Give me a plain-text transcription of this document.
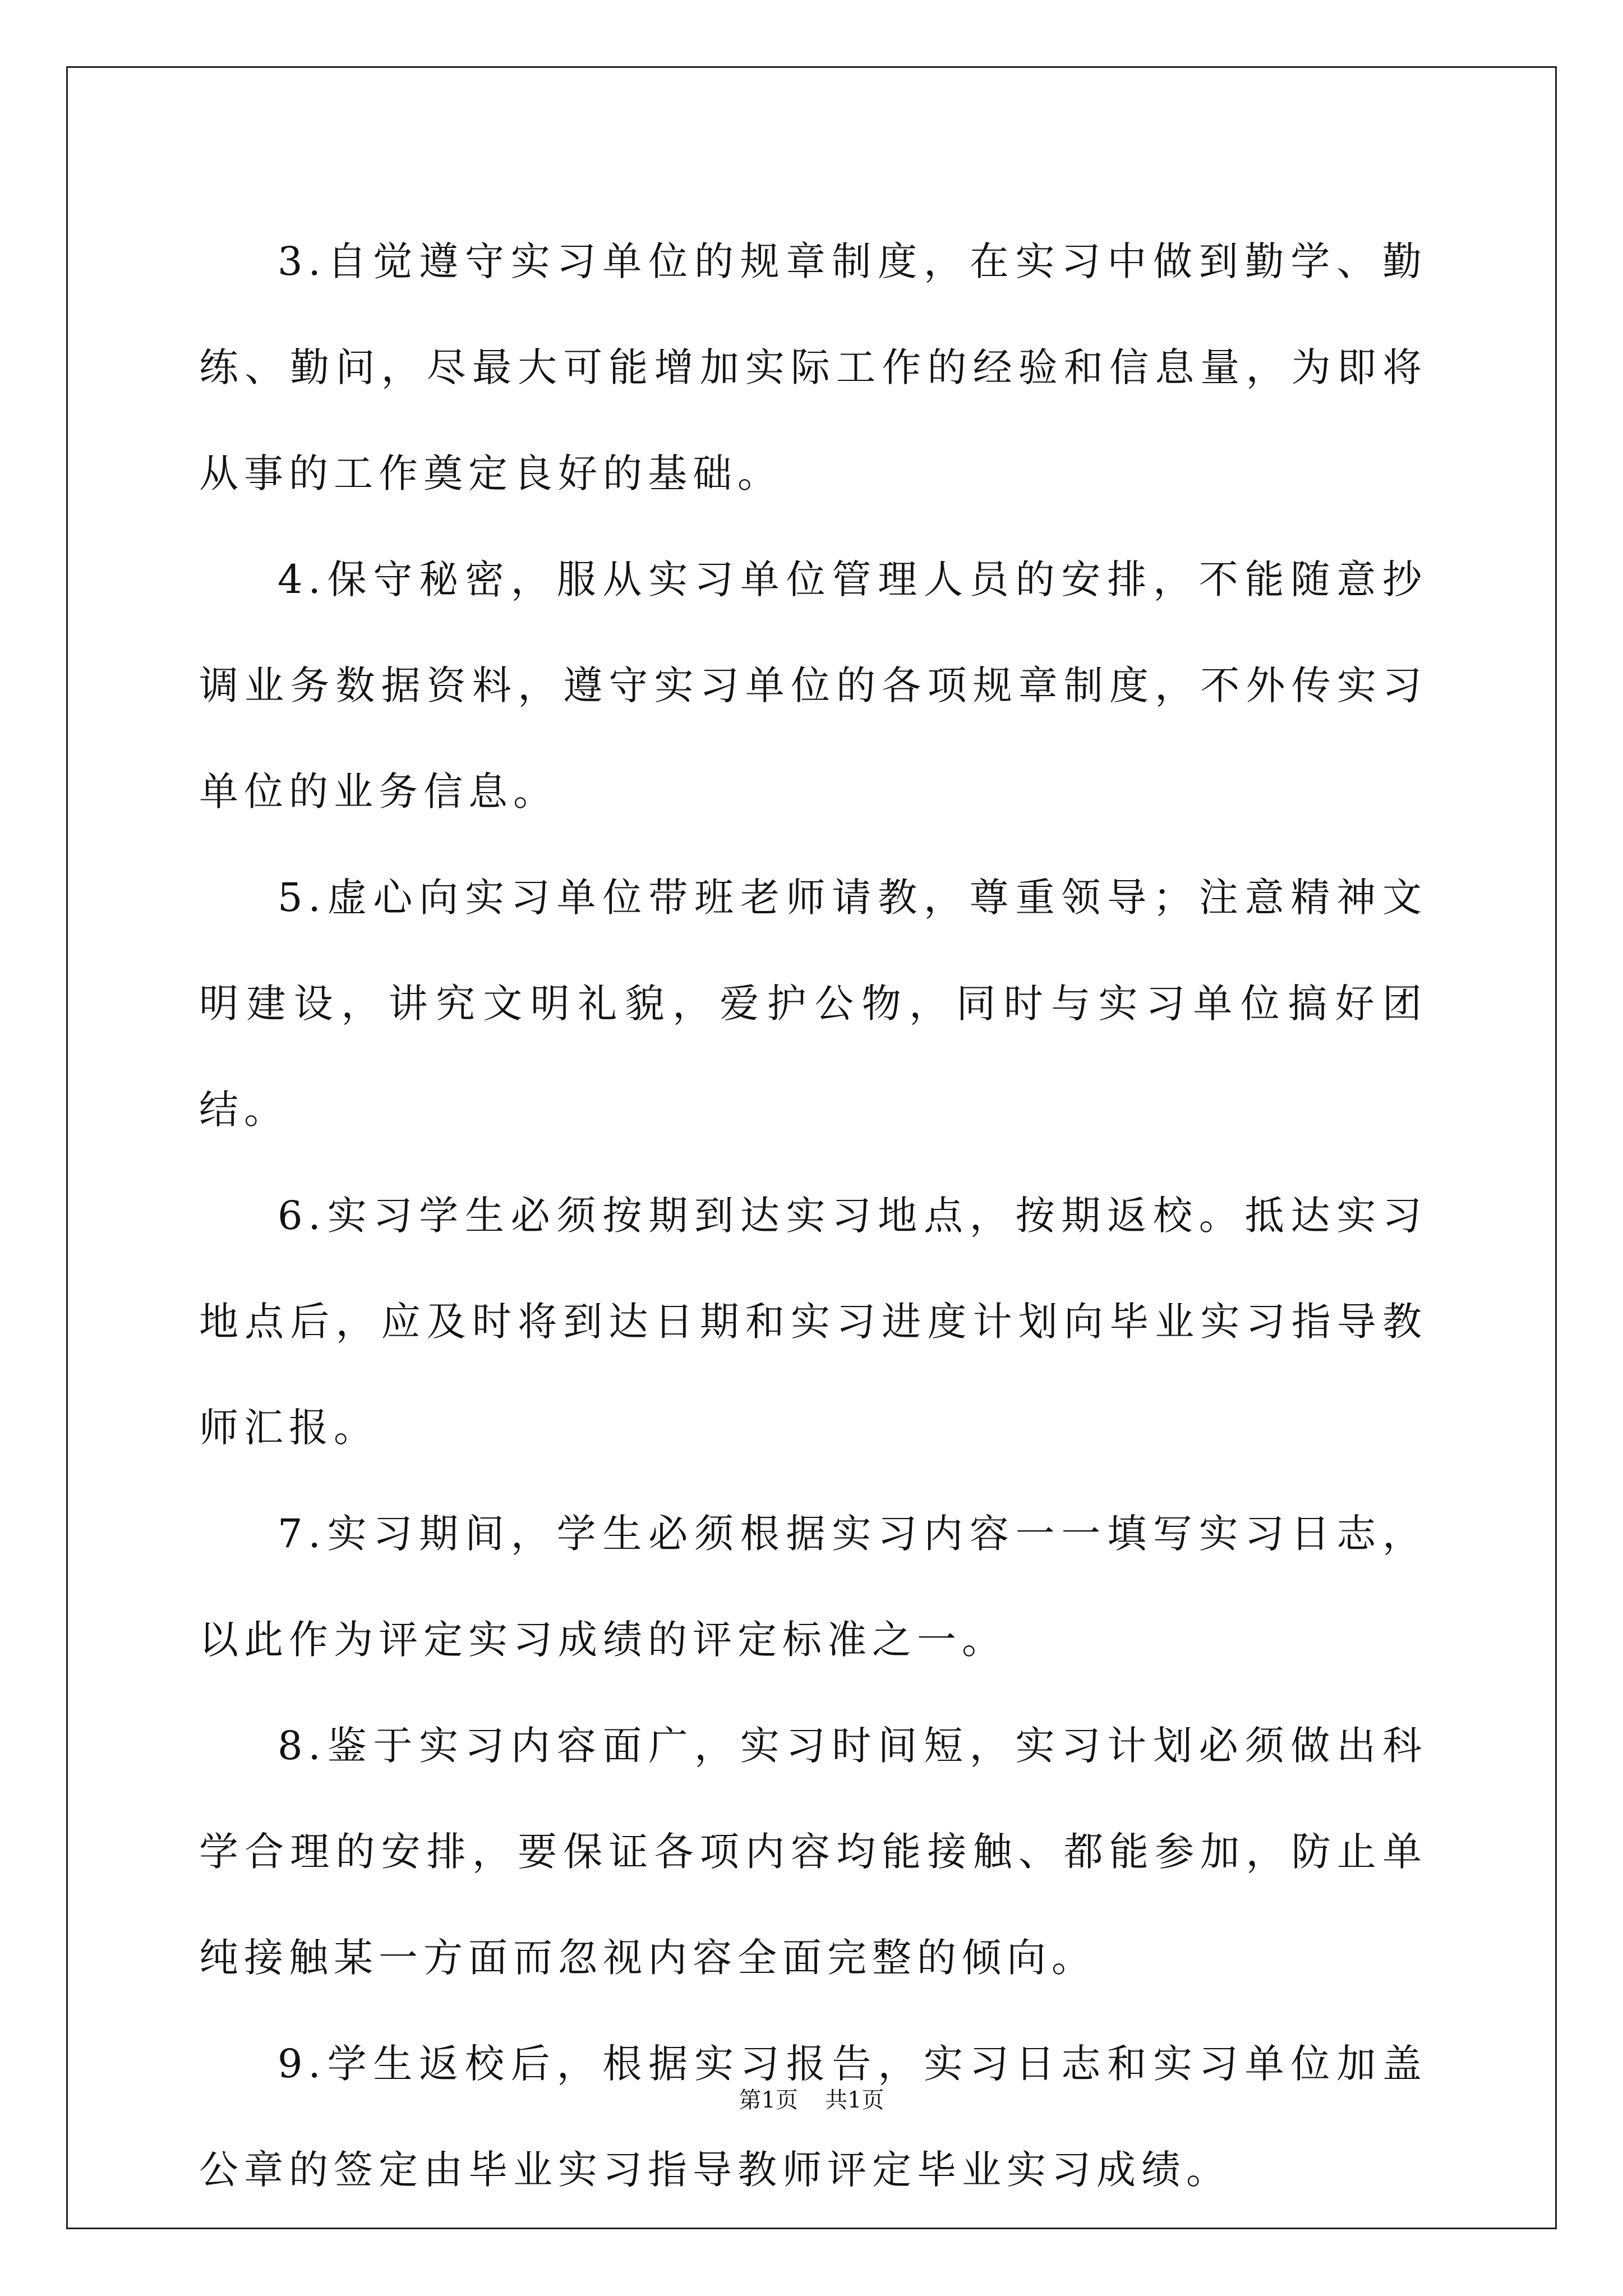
3.自觉遵守实习单位的规章制度，在实习中做到勤学、勤练、勤问，尽最大可能增加实际工作的经验和信息量，为即将从事的工作奠定良好的基础。

4.保守秘密，服从实习单位管理人员的安排，不能随意抄调业务数据资料，遵守实习单位的各项规章制度，不外传实习单位的业务信息。

5.虚心向实习单位带班老师请教，尊重领导；注意精神文明建设，讲究文明礼貌，爱护公物，同时与实习单位搞好团结。

6.实习学生必须按期到达实习地点，按期返校。抵达实习地点后，应及时将到达日期和实习进度计划向毕业实习指导教师汇报。

7.实习期间，学生必须根据实习内容一一填写实习日志，以此作为评定实习成绩的评定标准之一。

8.鉴于实习内容面广，实习时间短，实习计划必须做出科学合理的安排，要保证各项内容均能接触、都能参加，防止单纯接触某一方面而忽视内容全面完整的倾向。

9.学生返校后，根据实习报告，实习日志和实习单位加盖公章的签定由毕业实习指导教师评定毕业实习成绩。

第1页 共1页
